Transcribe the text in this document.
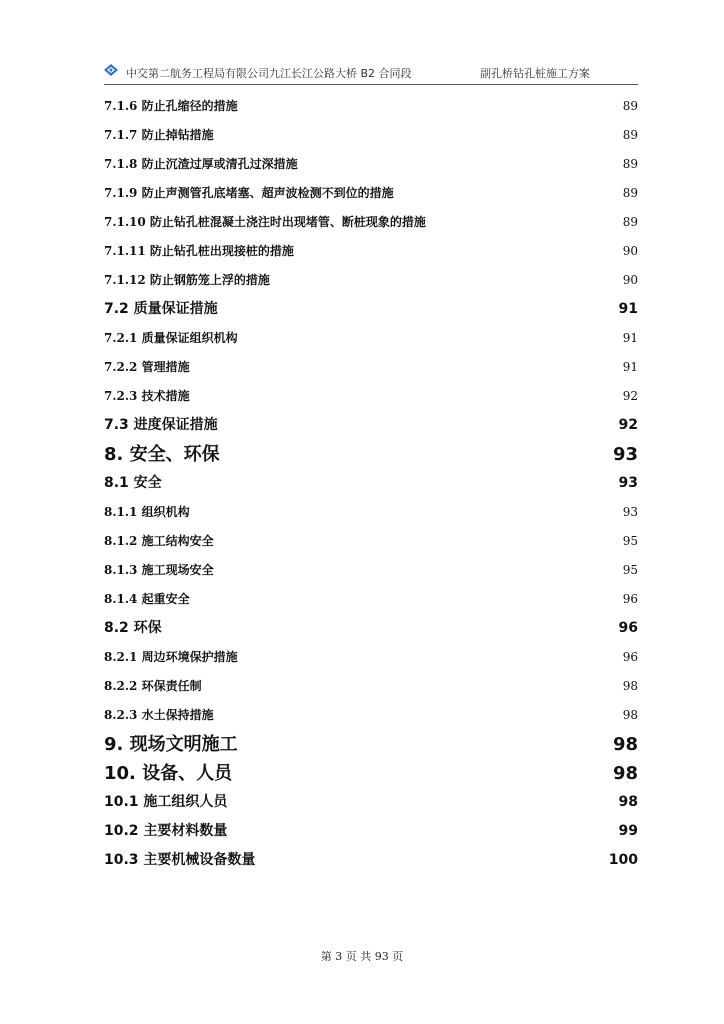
中交第二航务工程局有限公司九江长江公路大桥 B2 合同段	副孔桥钻孔桩施工方案
7.1.6 防止孔缩径的措施	89
7.1.7 防止掉钻措施	89
7.1.8 防止沉渣过厚或清孔过深措施	89
7.1.9 防止声测管孔底堵塞、超声波检测不到位的措施	89
7.1.10 防止钻孔桩混凝土浇注时出现堵管、断桩现象的措施	89
7.1.11 防止钻孔桩出现接桩的措施	90
7.1.12 防止钢筋笼上浮的措施	90
7.2 质量保证措施	91
7.2.1 质量保证组织机构	91
7.2.2 管理措施	91
7.2.3 技术措施	92
7.3 进度保证措施	92
8. 安全、环保	93
8.1 安全	93
8.1.1 组织机构	93
8.1.2 施工结构安全	95
8.1.3 施工现场安全	95
8.1.4 起重安全	96
8.2 环保	96
8.2.1 周边环境保护措施	96
8.2.2 环保责任制	98
8.2.3 水土保持措施	98
9. 现场文明施工	98
10. 设备、人员	98
10.1 施工组织人员	98
10.2 主要材料数量	99
10.3 主要机械设备数量	100
第 3 页 共 93 页
